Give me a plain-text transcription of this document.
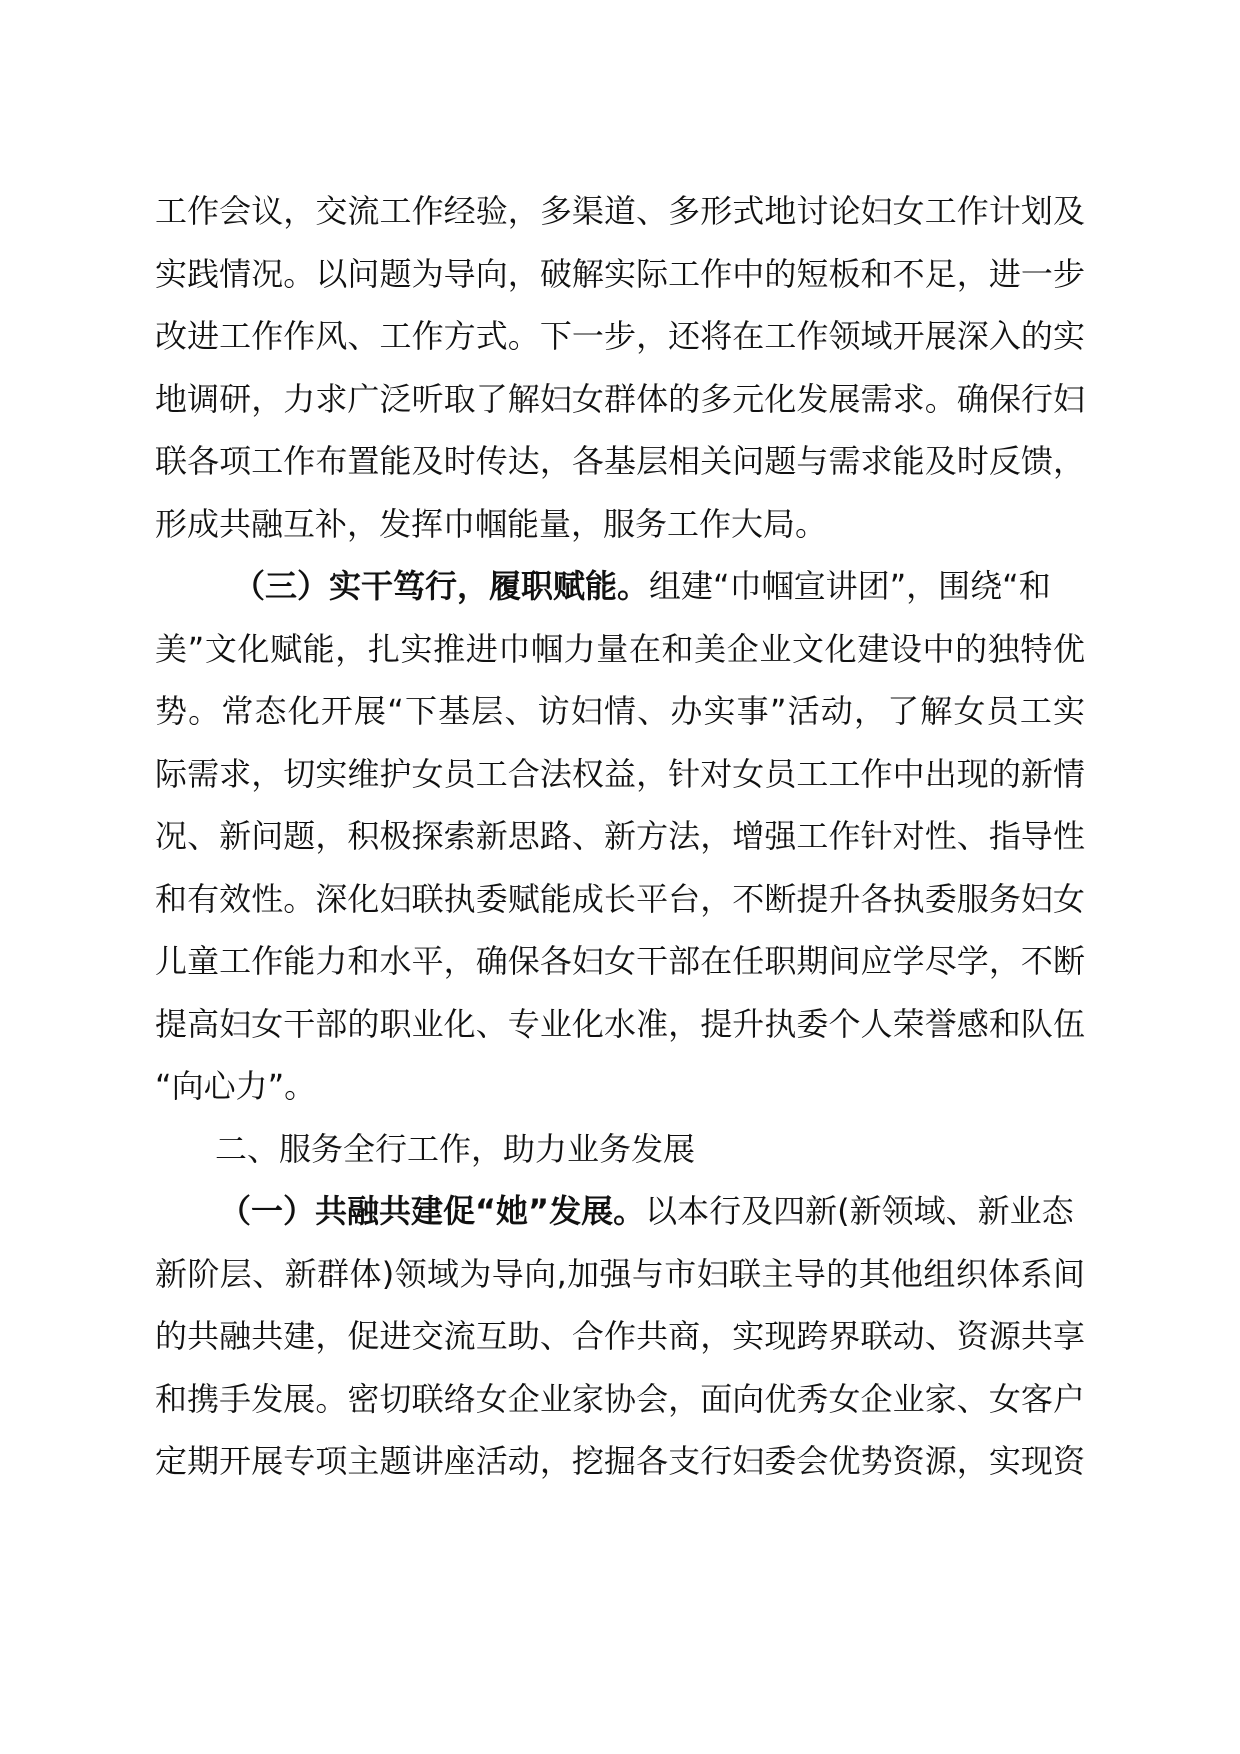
工作会议，交流工作经验，多渠道、多形式地讨论妇女工作计划及
实践情况。以问题为导向，破解实际工作中的短板和不足，进一步
改进工作作风、工作方式。下一步，还将在工作领域开展深入的实
地调研，力求广泛听取了解妇女群体的多元化发展需求。确保行妇
联各项工作布置能及时传达，各基层相关问题与需求能及时反馈，
形成共融互补，发挥巾帼能量，服务工作大局。
（三）实干笃行，履职赋能。组建“巾帼宣讲团”，围绕“和
美”文化赋能，扎实推进巾帼力量在和美企业文化建设中的独特优
势。常态化开展“下基层、访妇情、办实事”活动，了解女员工实
际需求，切实维护女员工合法权益，针对女员工工作中出现的新情
况、新问题，积极探索新思路、新方法，增强工作针对性、指导性
和有效性。深化妇联执委赋能成长平台，不断提升各执委服务妇女
儿童工作能力和水平，确保各妇女干部在任职期间应学尽学，不断
提高妇女干部的职业化、专业化水准，提升执委个人荣誉感和队伍
“向心力”。
二、服务全行工作，助力业务发展
（一）共融共建促“她”发展。以本行及四新(新领域、新业态
新阶层、新群体)领域为导向,加强与市妇联主导的其他组织体系间
的共融共建，促进交流互助、合作共商，实现跨界联动、资源共享
和携手发展。密切联络女企业家协会，面向优秀女企业家、女客户
定期开展专项主题讲座活动，挖掘各支行妇委会优势资源，实现资
